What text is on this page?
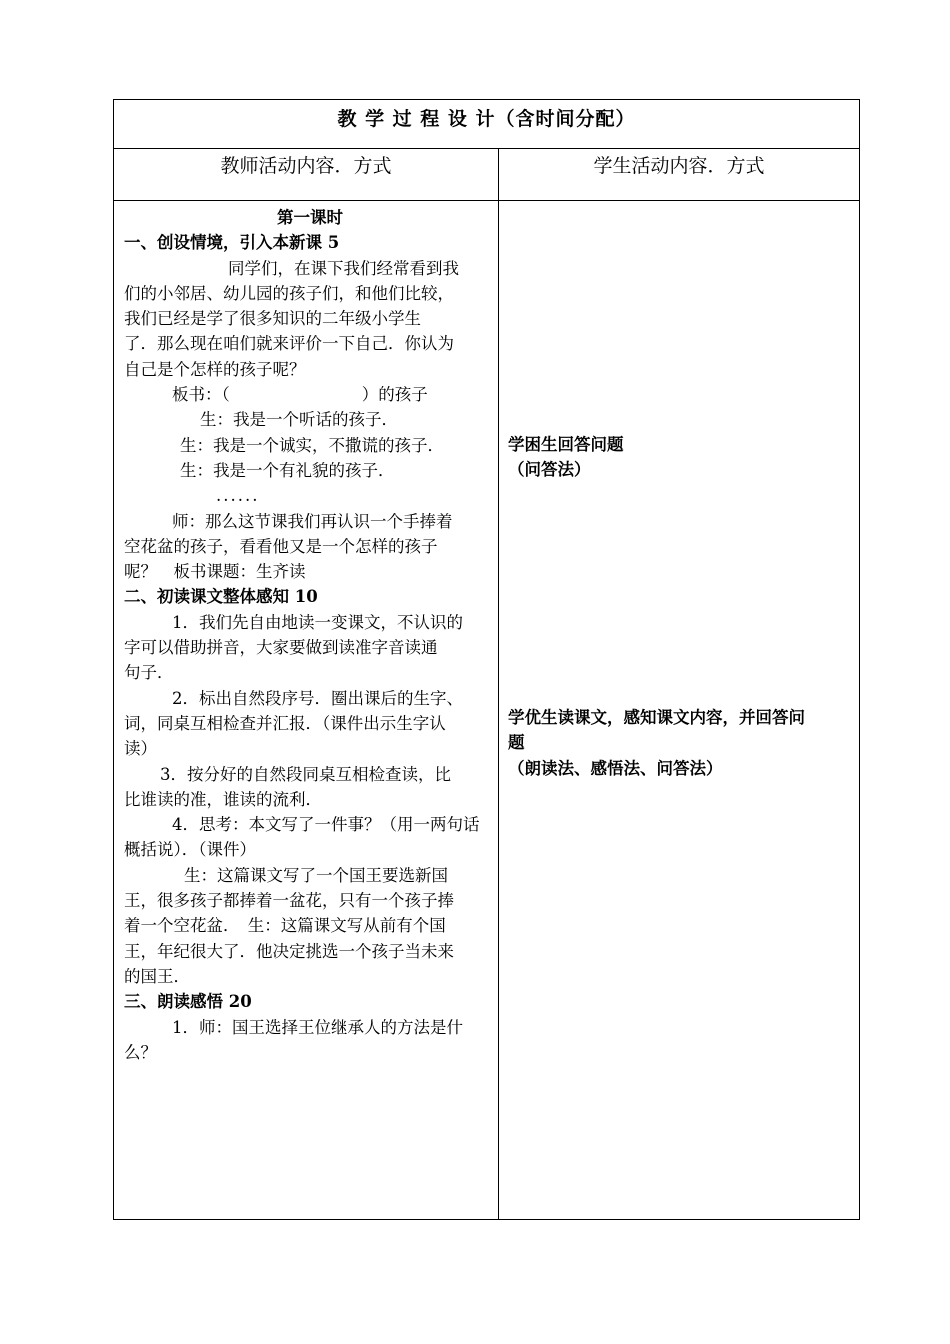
教 学 过 程 设 计（含时间分配）
教师活动内容．方式	学生活动内容．方式

第一课时

一、创设情境，引入本新课 5

同学们，在课下我们经常看到我

们的小邻居、幼儿园的孩子们，和他们比较，

我们已经是学了很多知识的二年级小学生

了．那么现在咱们就来评价一下自己．你认为

自己是个怎样的孩子呢？

板书：（　　　　　　　　）的孩子

生：我是一个听话的孩子．

生：我是一个诚实，不撒谎的孩子．

生：我是一个有礼貌的孩子．

......

师：那么这节课我们再认识一个手捧着

空花盆的孩子，看看他又是一个怎样的孩子

呢？　板书课题：生齐读

二、初读课文整体感知 10

1．我们先自由地读一变课文，不认识的

字可以借助拼音，大家要做到读准字音读通

句子．

2．标出自然段序号．圈出课后的生字、

词，同桌互相检查并汇报．（课件出示生字认

读）

3．按分好的自然段同桌互相检查读，比

比谁读的准，谁读的流利．

4．思考：本文写了一件事？（用一两句话

概括说）．（课件）

生：这篇课文写了一个国王要选新国

王，很多孩子都捧着一盆花，只有一个孩子捧

着一个空花盆．　生：这篇课文写从前有个国

王，年纪很大了．他决定挑选一个孩子当未来

的国王．

三、朗读感悟 20

1．师：国王选择王位继承人的方法是什

么？

学困生回答问题

（问答法）

学优生读课文，感知课文内容，并回答问

题

（朗读法、感悟法、问答法）
